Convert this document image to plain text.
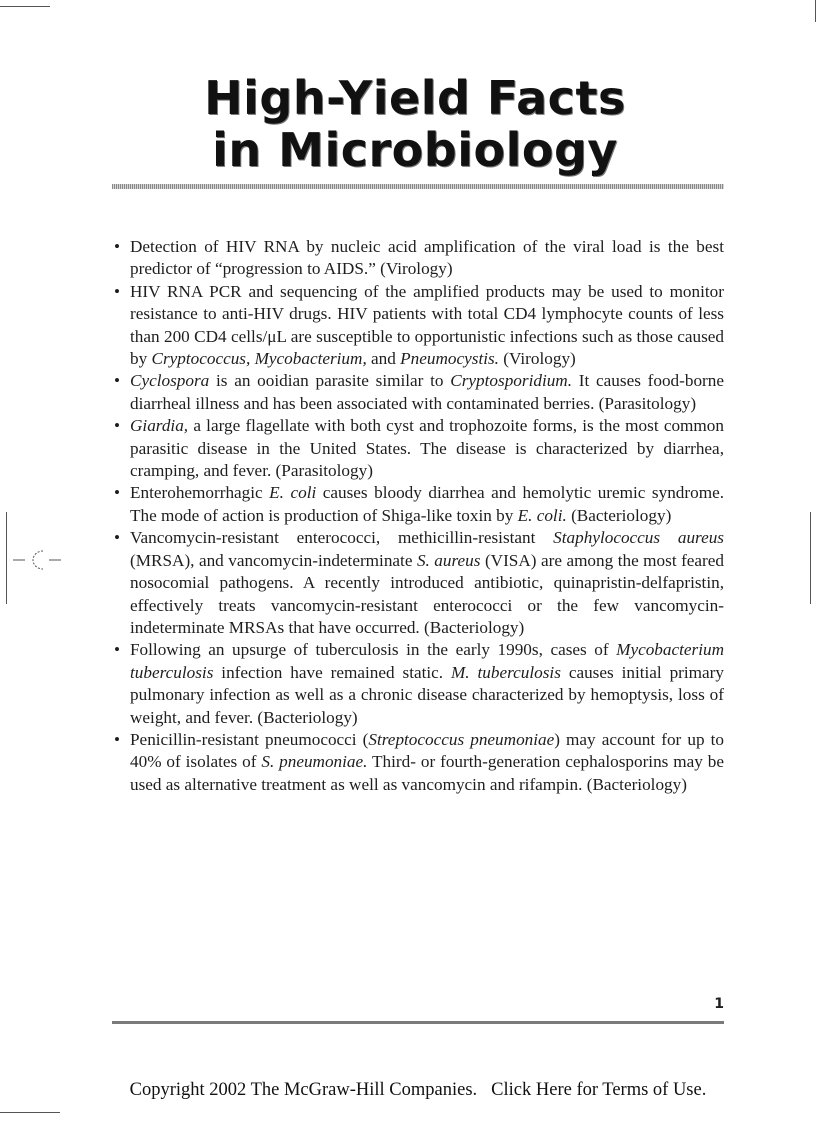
High-Yield Facts
in Microbiology
• Detection of HIV RNA by nucleic acid amplification of the viral load is the best predictor of “progression to AIDS.” (Virology)
• HIV RNA PCR and sequencing of the amplified products may be used to monitor resistance to anti-HIV drugs. HIV patients with total CD4 lymphocyte counts of less than 200 CD4 cells/μL are susceptible to opportunistic infections such as those caused by Cryptococcus, Mycobacterium, and Pneumocystis. (Virology)
• Cyclospora is an ooidian parasite similar to Cryptosporidium. It causes food-borne diarrheal illness and has been associated with contaminated berries. (Parasitology)
• Giardia, a large flagellate with both cyst and trophozoite forms, is the most common parasitic disease in the United States. The disease is characterized by diarrhea, cramping, and fever. (Parasitology)
• Enterohemorrhagic E. coli causes bloody diarrhea and hemolytic uremic syndrome. The mode of action is production of Shiga-like toxin by E. coli. (Bacteriology)
• Vancomycin-resistant enterococci, methicillin-resistant Staphylococcus aureus (MRSA), and vancomycin-indeterminate S. aureus (VISA) are among the most feared nosocomial pathogens. A recently introduced antibiotic, quinapristin-delfapristin, effectively treats vancomycin-resistant enterococci or the few vancomycin-indeterminate MRSAs that have occurred. (Bacteriology)
• Following an upsurge of tuberculosis in the early 1990s, cases of Mycobacterium tuberculosis infection have remained static. M. tuberculosis causes initial primary pulmonary infection as well as a chronic disease characterized by hemoptysis, loss of weight, and fever. (Bacteriology)
• Penicillin-resistant pneumococci (Streptococcus pneumoniae) may account for up to 40% of isolates of S. pneumoniae. Third- or fourth-generation cephalosporins may be used as alternative treatment as well as vancomycin and rifampin. (Bacteriology)
1
Copyright 2002 The McGraw-Hill Companies. Click Here for Terms of Use.
